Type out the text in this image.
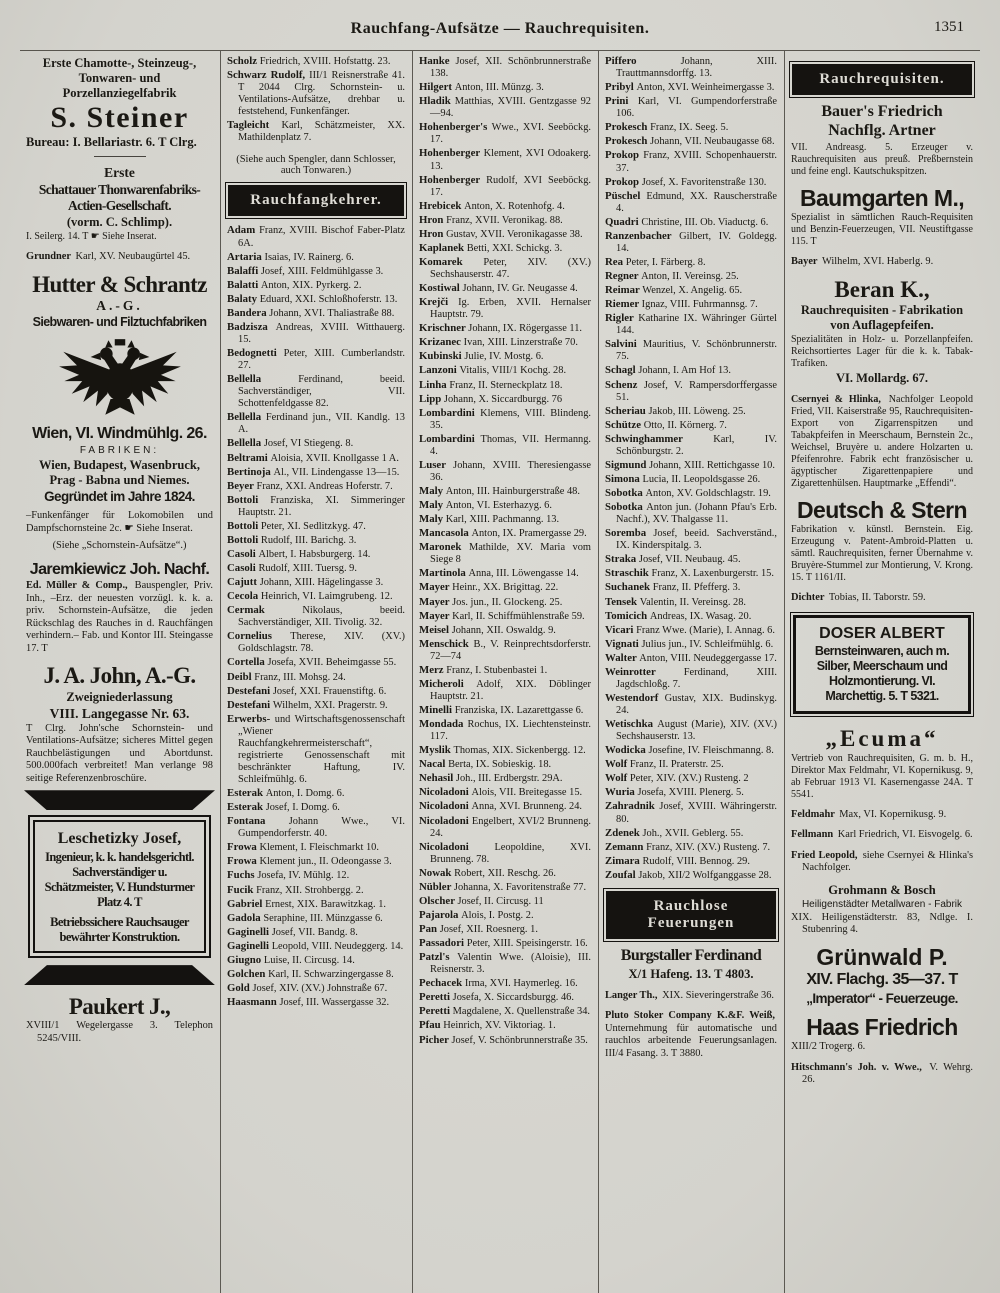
Rauchfang-Aufsätze — Rauchrequisiten.	1351
Erste Chamotte-, Steinzeug-, Tonwaren- und Porzellanziegelfabrik
S. Steiner
Bureau: I. Bellariastr. 6. T Clrg.
Erste
Schattauer Thonwarenfabriks-Actien-Gesellschaft.
(vorm. C. Schlimp).
I. Seilerg. 14. T ☛ Siehe Inserat.
Grundner Karl, XV. Neubaugürtel 45.
Hutter & Schrantz
A.-G.
Siebwaren- und Filztuchfabriken
Wien, VI. Windmühlg. 26.
FABRIKEN:
Wien, Budapest, Wasenbruck, Prag - Babna und Niemes.
Gegründet im Jahre 1824.
–Funkenfänger für Lokomobilen und Dampfschornsteine 2c. ☛ Siehe Inserat.
(Siehe „Schornstein-Aufsätze“.)
Jaremkiewicz Joh. Nachf.
Ed. Müller & Comp., Bauspengler, Priv. Inh., –Erz. der neuesten vorzügl. k. k. a. priv. Schornstein-Aufsätze, die jeden Rückschlag des Rauches in d. Rauchfängen verhindern.– Fab. und Kontor III. Steingasse 17. T
J. A. John, A.-G.
Zweigniederlassung
VIII. Langegasse Nr. 63.
T Clrg. John'sche Schornstein- und Ventilations-Aufsätze; sicheres Mittel gegen Rauchbelästigungen und Abortdunst. 500.000fach verbreitet! Man verlange 98 seitige Referenzenbroschüre.
Leschetizky Josef,
Ingenieur, k. k. handelsgerichtl. Sachverständiger u. Schätzmeister, V. Hundsturmer Platz 4. T
Betriebssichere Rauchsauger bewährter Konstruktion.
Paukert J.,
XVIII/1 Wegelergasse 3. Telephon 5245/VIII.
Scholz Friedrich, XVIII. Hofstattg. 23.
Schwarz Rudolf, III/1 Reisnerstraße 41. T 2044 Clrg. Schornstein- u. Ventilations-Aufsätze, drehbar u. feststehend, Funkenfänger.
Tagleicht Karl, Schätzmeister, XX. Mathildenplatz 7.
(Siehe auch Spengler, dann Schlosser, auch Tonwaren.)
Rauchfangkehrer.
Adam Franz, XVIII. Bischof Faber-Platz 6A.
Artaria Isaias, IV. Rainerg. 6.
Balaffi Josef, XIII. Feldmühlgasse 3.
Balatti Anton, XIX. Pyrkerg. 2.
Balaty Eduard, XXI. Schloßhoferstr. 13.
Bandera Johann, XVI. Thaliastraße 88.
Badzisza Andreas, XVIII. Witthauerg. 15.
Bedognetti Peter, XIII. Cumberlandstr. 27.
Bellella Ferdinand, beeid. Sachverständiger, VII. Schottenfeldgasse 82.
Bellella Ferdinand jun., VII. Kandlg. 13 A.
Bellella Josef, VI Stiegeng. 8.
Beltrami Aloisia, XVII. Knollgasse 1 A.
Bertinoja Al., VII. Lindengasse 13—15.
Beyer Franz, XXI. Andreas Hoferstr. 7.
Bottoli Franziska, XI. Simmeringer Hauptstr. 21.
Bottoli Peter, XI. Sedlitzkyg. 47.
Bottoli Rudolf, III. Barichg. 3.
Casoli Albert, I. Habsburgerg. 14.
Casoli Rudolf, XIII. Tuersg. 9.
Cajutt Johann, XIII. Hägelingasse 3.
Cecola Heinrich, VI. Laimgrubeng. 12.
Cermak Nikolaus, beeid. Sachverständiger, XII. Tivolig. 32.
Cornelius Therese, XIV. (XV.) Goldschlagstr. 78.
Cortella Josefa, XVII. Beheimgasse 55.
Deibl Franz, III. Mohsg. 24.
Destefani Josef, XXI. Frauenstiftg. 6.
Destefani Wilhelm, XXI. Pragerstr. 9.
Erwerbs- und Wirtschaftsgenossenschaft „Wiener Rauchfangkehrermeisterschaft“, registrierte Genossenschaft mit beschränkter Haftung, IV. Schleifmühlg. 6.
Esterak Anton, I. Domg. 6.
Esterak Josef, I. Domg. 6.
Fontana Johann Wwe., VI. Gumpendorferstr. 40.
Frowa Klement, I. Fleischmarkt 10.
Frowa Klement jun., II. Odeongasse 3.
Fuchs Josefa, IV. Mühlg. 12.
Fucik Franz, XII. Strohbergg. 2.
Gabriel Ernest, XIX. Barawitzkag. 1.
Gadola Seraphine, III. Münzgasse 6.
Gaginelli Josef, VII. Bandg. 8.
Gaginelli Leopold, VIII. Neudeggerg. 14.
Giugno Luise, II. Circusg. 14.
Golchen Karl, II. Schwarzingergasse 8.
Gold Josef, XIV. (XV.) Johnstraße 67.
Haasmann Josef, III. Wassergasse 32.
Hanke Josef, XII. Schönbrunnerstraße 138.
Hilgert Anton, III. Münzg. 3.
Hladik Matthias, XVIII. Gentzgasse 92—94.
Hohenberger's Wwe., XVI. Seeböckg. 17.
Hohenberger Klement, XVI Odoakerg. 13.
Hohenberger Rudolf, XVI Seeböckg. 17.
Hrebicek Anton, X. Rotenhofg. 4.
Hron Franz, XVII. Veronikag. 88.
Hron Gustav, XVII. Veronikagasse 38.
Kaplanek Betti, XXI. Schickg. 3.
Komarek Peter, XIV. (XV.) Sechshauserstr. 47.
Kostiwal Johann, IV. Gr. Neugasse 4.
Krejči Ig. Erben, XVII. Hernalser Hauptstr. 79.
Krischner Johann, IX. Rögergasse 11.
Krizanec Ivan, XIII. Linzerstraße 70.
Kubinski Julie, IV. Mostg. 6.
Lanzoni Vitalis, VIII/1 Kochg. 28.
Linha Franz, II. Sterneckplatz 18.
Lipp Johann, X. Siccardburgg. 76
Lombardini Klemens, VIII. Blindeng. 35.
Lombardini Thomas, VII. Hermanng. 4.
Luser Johann, XVIII. Theresiengasse 36.
Maly Anton, III. Hainburgerstraße 48.
Maly Anton, VI. Esterhazyg. 6.
Maly Karl, XIII. Pachmanng. 13.
Mancasola Anton, IX. Pramergasse 29.
Maronek Mathilde, XV. Maria vom Siege 8
Martinola Anna, III. Löwengasse 14.
Mayer Heinr., XX. Brigittag. 22.
Mayer Jos. jun., II. Glockeng. 25.
Mayer Karl, II. Schiffmühlenstraße 59.
Meisel Johann, XII. Oswaldg. 9.
Menschick B., V. Reinprechtsdorferstr. 72—74
Merz Franz, I. Stubenbastei 1.
Micheroli Adolf, XIX. Döblinger Hauptstr. 21.
Minelli Franziska, IX. Lazarettgasse 6.
Mondada Rochus, IX. Liechtensteinstr. 117.
Myslik Thomas, XIX. Sickenbergg. 12.
Nacal Berta, IX. Sobieskig. 18.
Nehasil Joh., III. Erdbergstr. 29A.
Nicoladoni Alois, VII. Breitegasse 15.
Nicoladoni Anna, XVI. Brunneng. 24.
Nicoladoni Engelbert, XVI/2 Brunneng. 24.
Nicoladoni Leopoldine, XVI. Brunneng. 78.
Nowak Robert, XII. Reschg. 26.
Nübler Johanna, X. Favoritenstraße 77.
Olscher Josef, II. Circusg. 11
Pajarola Alois, I. Postg. 2.
Pan Josef, XII. Roesnerg. 1.
Passadori Peter, XIII. Speisingerstr. 16.
Patzl's Valentin Wwe. (Aloisie), III. Reisnerstr. 3.
Pechacek Irma, XVI. Haymerleg. 16.
Peretti Josefa, X. Siccardsburgg. 46.
Peretti Magdalene, X. Quellenstraße 34.
Pfau Heinrich, XV. Viktoriag. 1.
Picher Josef, V. Schönbrunnerstraße 35.
Piffero Johann, XIII. Trauttmannsdorffg. 13.
Pribyl Anton, XVI. Weinheimergasse 3.
Prini Karl, VI. Gumpendorferstraße 106.
Prokesch Franz, IX. Seeg. 5.
Prokesch Johann, VII. Neubaugasse 68.
Prokop Franz, XVIII. Schopenhauerstr. 37.
Prokop Josef, X. Favoritenstraße 130.
Püschel Edmund, XX. Rauscherstraße 4.
Quadri Christine, III. Ob. Viaductg. 6.
Ranzenbacher Gilbert, IV. Goldegg. 14.
Rea Peter, I. Färberg. 8.
Regner Anton, II. Vereinsg. 25.
Reimar Wenzel, X. Angelig. 65.
Riemer Ignaz, VIII. Fuhrmannsg. 7.
Rigler Katharine IX. Währinger Gürtel 144.
Salvini Mauritius, V. Schönbrunnerstr. 75.
Schagl Johann, I. Am Hof 13.
Schenz Josef, V. Rampersdorffergasse 51.
Scheriau Jakob, III. Löweng. 25.
Schütze Otto, II. Körnerg. 7.
Schwinghammer Karl, IV. Schönburgstr. 2.
Sigmund Johann, XIII. Rettichgasse 10.
Simona Lucia, II. Leopoldsgasse 26.
Sobotka Anton, XV. Goldschlagstr. 19.
Sobotka Anton jun. (Johann Pfau's Erb. Nachf.), XV. Thalgasse 11.
Soremba Josef, beeid. Sachverständ., IX. Kinderspitalg. 3.
Straka Josef, VII. Neubaug. 45.
Straschik Franz, X. Laxenburgerstr. 15.
Suchanek Franz, II. Pfefferg. 3.
Tensek Valentin, II. Vereinsg. 28.
Tomicich Andreas, IX. Wasag. 20.
Vicari Franz Wwe. (Marie), I. Annag. 6.
Vignati Julius jun., IV. Schleifmühlg. 6.
Walter Anton, VIII. Neudeggergasse 17.
Weinrotter Ferdinand, XIII. Jagdschloßg. 7.
Westendorf Gustav, XIX. Budinskyg. 24.
Wetischka August (Marie), XIV. (XV.) Sechshauserstr. 13.
Wodicka Josefine, IV. Fleischmanng. 8.
Wolf Franz, II. Praterstr. 25.
Wolf Peter, XIV. (XV.) Rusteng. 2
Wuria Josefa, XVIII. Plenerg. 5.
Zahradnik Josef, XVIII. Währingerstr. 80.
Zdenek Joh., XVII. Geblerg. 55.
Zemann Franz, XIV. (XV.) Rusteng. 7.
Zimara Rudolf, VIII. Bennog. 29.
Zoufal Jakob, XII/2 Wolfganggasse 28.
Rauchlose Feuerungen
Burgstaller Ferdinand
X/1 Hafeng. 13. T 4803.
Langer Th., XIX. Sieveringerstraße 36.
Pluto Stoker Company K.&F. Weiß, Unternehmung für automatische und rauchlos arbeitende Feuerungsanlagen. III/4 Fasang. 3. T 3880.
Rauchrequisiten.
Bauer's Friedrich Nachflg. Artner
VII. Andreasg. 5. Erzeuger v. Rauchrequisiten aus preuß. Preßbernstein und feine engl. Kautschukspitzen.
Baumgarten M.,
Spezialist in sämtlichen Rauch-Requisiten und Benzin-Feuerzeugen, VII. Neustiftgasse 115. T
Bayer Wilhelm, XVI. Haberlg. 9.
Beran K.,
Rauchrequisiten - Fabrikation von Auflagepfeifen.
Spezialitäten in Holz- u. Porzellanpfeifen. Reichsortiertes Lager für die k. k. Tabak-Trafiken.
VI. Mollardg. 67.
Csernyei & Hlinka, Nachfolger Leopold Fried, VII. Kaiserstraße 95, Rauchrequisiten-Export von Zigarrenspitzen und Tabakpfeifen in Meerschaum, Bernstein 2c., Weichsel, Bruyère u. andere Holzarten u. Pfeifenrohre. Fabrik echt französischer u. ägyptischer Zigarettenpapiere und Zigarettenhülsen. Hauptmarke „Effendi“.
Deutsch & Stern
Fabrikation v. künstl. Bernstein. Eig. Erzeugung v. Patent-Ambroid-Platten u. sämtl. Rauchrequisiten, ferner Übernahme v. Bruyère-Stummel zur Montierung, V. Krong. 15. T 1161/II.
Dichter Tobias, II. Taborstr. 59.
DOSER ALBERT
Bernsteinwaren, auch m. Silber, Meerschaum und Holzmontierung. VI. Marchettig. 5. T 5321.
„Ecuma“
Vertrieb von Rauchrequisiten, G. m. b. H., Direktor Max Feldmahr, VI. Kopernikusg. 9, ab Februar 1913 VI. Kasernengasse 24A. T 5541.
Feldmahr Max, VI. Kopernikusg. 9.
Fellmann Karl Friedrich, VI. Eisvogelg. 6.
Fried Leopold, siehe Csernyei & Hlinka's Nachfolger.
Grohmann & Bosch
Heiligenstädter Metallwaren - Fabrik
XIX. Heiligenstädterstr. 83, Ndlge. I. Stubenring 4.
Grünwald P.
XIV. Flachg. 35—37. T
„Imperator“ - Feuerzeuge.
Haas Friedrich
XIII/2 Trogerg. 6.
Hitschmann's Joh. v. Wwe., V. Wehrg. 26.
